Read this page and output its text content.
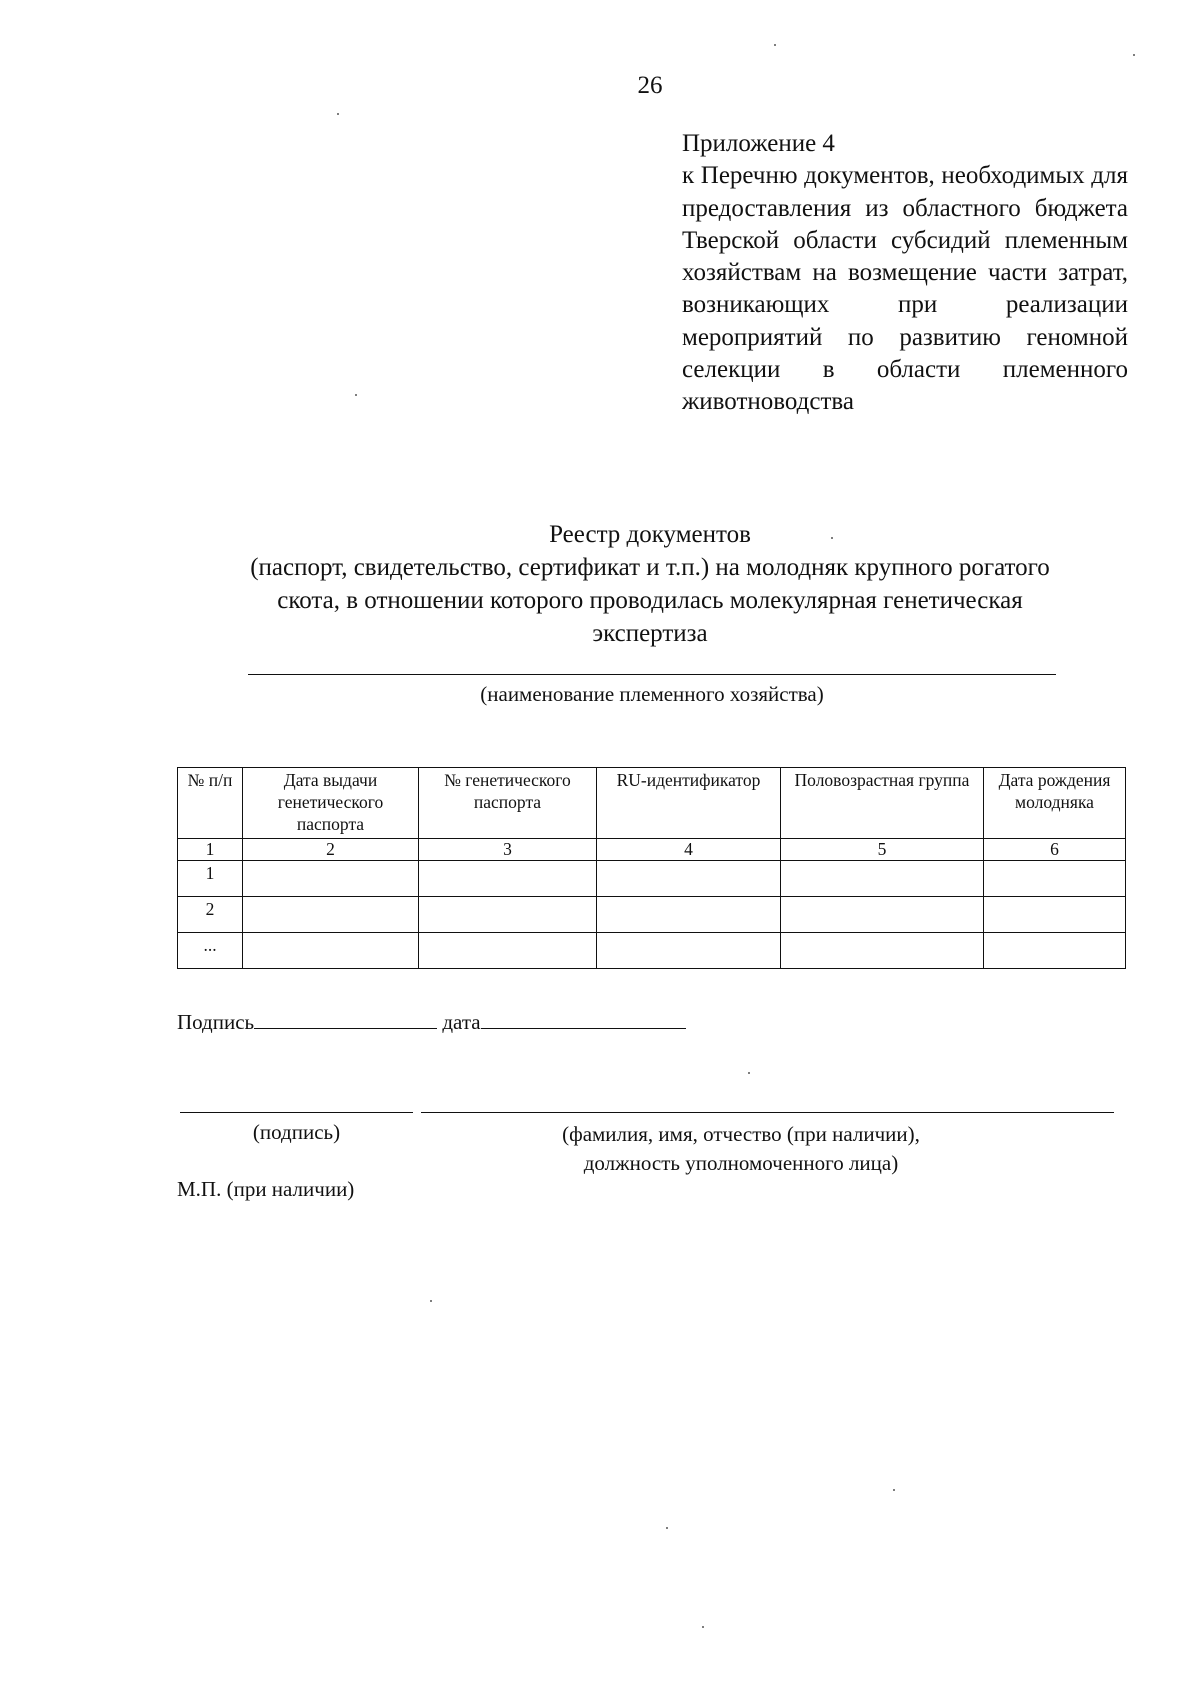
26
Приложение 4
к Перечню документов, необходимых для предоставления из областного бюджета Тверской области субсидий племенным хозяйствам на возмещение части затрат, возникающих при реализации мероприятий по развитию геномной селекции в области племенного животноводства
Реестр документов
(паспорт, свидетельство, сертификат и т.п.) на молодняк крупного рогатого
скота, в отношении которого проводилась молекулярная генетическая
экспертиза
(наименование племенного хозяйства)
№ п/п	Дата выдачи генетического паспорта	№ генетического паспорта	RU-идентификатор	Половозрастная группа	Дата рождения молодняка
1	2	3	4	5	6
1					
2					
...					
Подпись	дата
(подпись)	(фамилия, имя, отчество (при наличии),
должность уполномоченного лица)
М.П. (при наличии)
